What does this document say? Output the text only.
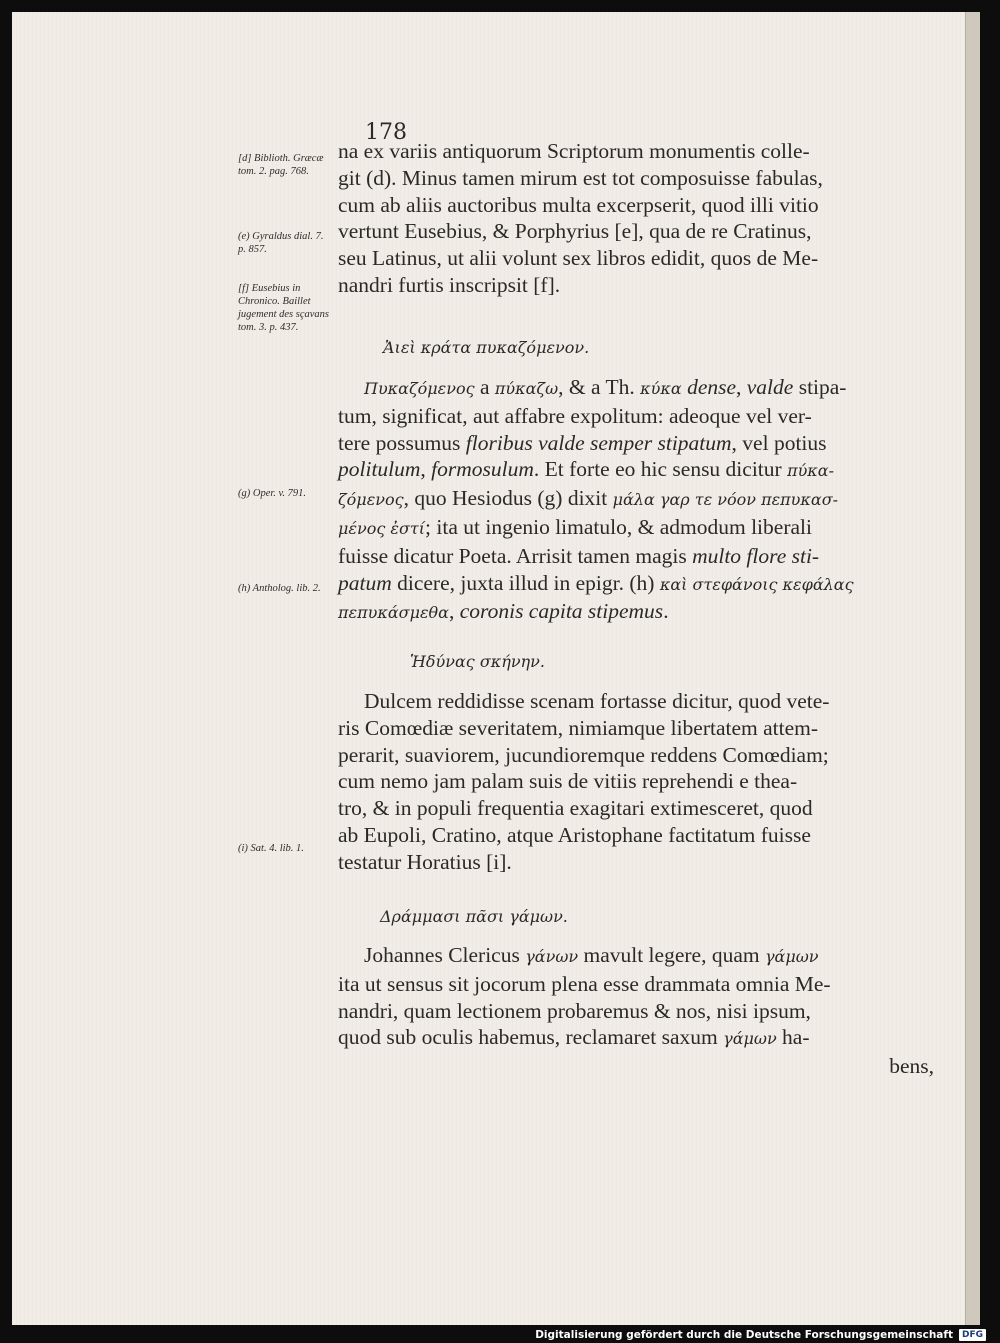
178
[d] Biblioth. Græcæ tom. 2. pag. 768.
(e) Gyraldus dial. 7. p. 857.
[f] Eusebius in Chronico. Baillet jugement des sçavans tom. 3. p. 437.
(g) Oper. v. 791.
(h) Antholog. lib. 2.
(i) Sat. 4. lib. 1.

na ex variis antiquorum Scriptorum monumentis colle-

git (d). Minus tamen mirum est tot composuisse fabulas,

cum ab aliis auctoribus multa excerpserit, quod illi vitio

vertunt Eusebius, & Porphyrius [e], qua de re Cratinus,

seu Latinus, ut alii volunt sex libros edidit, quos de Me-

nandri furtis inscripsit [f].

Ἀιεὶ κράτα πυκαζόμενον.

Πυκαζόμενος a πύκαζω, & a Th. κύκα dense, valde stipa-

tum, significat, aut affabre expolitum: adeoque vel ver-

tere possumus floribus valde semper stipatum, vel potius

politulum, formosulum. Et forte eo hic sensu dicitur πύκα-

ζόμενος, quo Hesiodus (g) dixit μάλα γαρ τε νόον πεπυκασ-

μένος ἐστί; ita ut ingenio limatulo, & admodum liberali

fuisse dicatur Poeta. Arrisit tamen magis multo flore sti-

patum dicere, juxta illud in epigr. (h) καὶ στεφάνοις κεφάλας

πεπυκάσμεθα, coronis capita stipemus.

Ἡδύνας σκήνην.

Dulcem reddidisse scenam fortasse dicitur, quod vete-

ris Comœdiæ severitatem, nimiamque libertatem attem-

perarit, suaviorem, jucundioremque reddens Comœdiam;

cum nemo jam palam suis de vitiis reprehendi e thea-

tro, & in populi frequentia exagitari extimesceret, quod

ab Eupoli, Cratino, atque Aristophane factitatum fuisse

testatur Horatius [i].

Δράμμασι πᾶσι γάμων.

Johannes Clericus γάνων mavult legere, quam γάμων

ita ut sensus sit jocorum plena esse drammata omnia Me-

nandri, quam lectionem probaremus & nos, nisi ipsum,

quod sub oculis habemus, reclamaret saxum γάμων ha-

bens,

Digitalisierung gefördert durch die Deutsche Forschungsgemeinschaft	DFG
